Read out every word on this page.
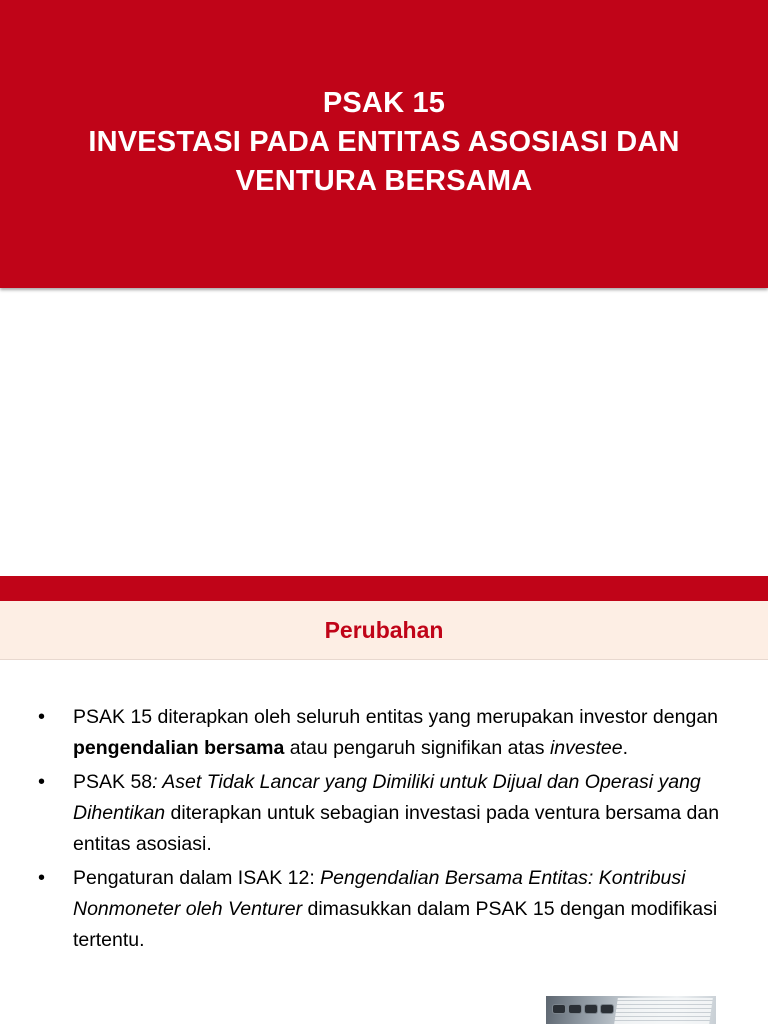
PSAK 15
INVESTASI PADA ENTITAS ASOSIASI DAN
VENTURA BERSAMA
Perubahan
• PSAK 15 diterapkan oleh seluruh entitas yang merupakan investor dengan pengendalian bersama atau pengaruh signifikan atas investee.
• PSAK 58: Aset Tidak Lancar yang Dimiliki untuk Dijual dan Operasi yang Dihentikan diterapkan untuk sebagian investasi pada ventura bersama dan entitas asosiasi.
• Pengaturan dalam ISAK 12: Pengendalian Bersama Entitas: Kontribusi Nonmoneter oleh Venturer dimasukkan dalam PSAK 15 dengan modifikasi tertentu.
